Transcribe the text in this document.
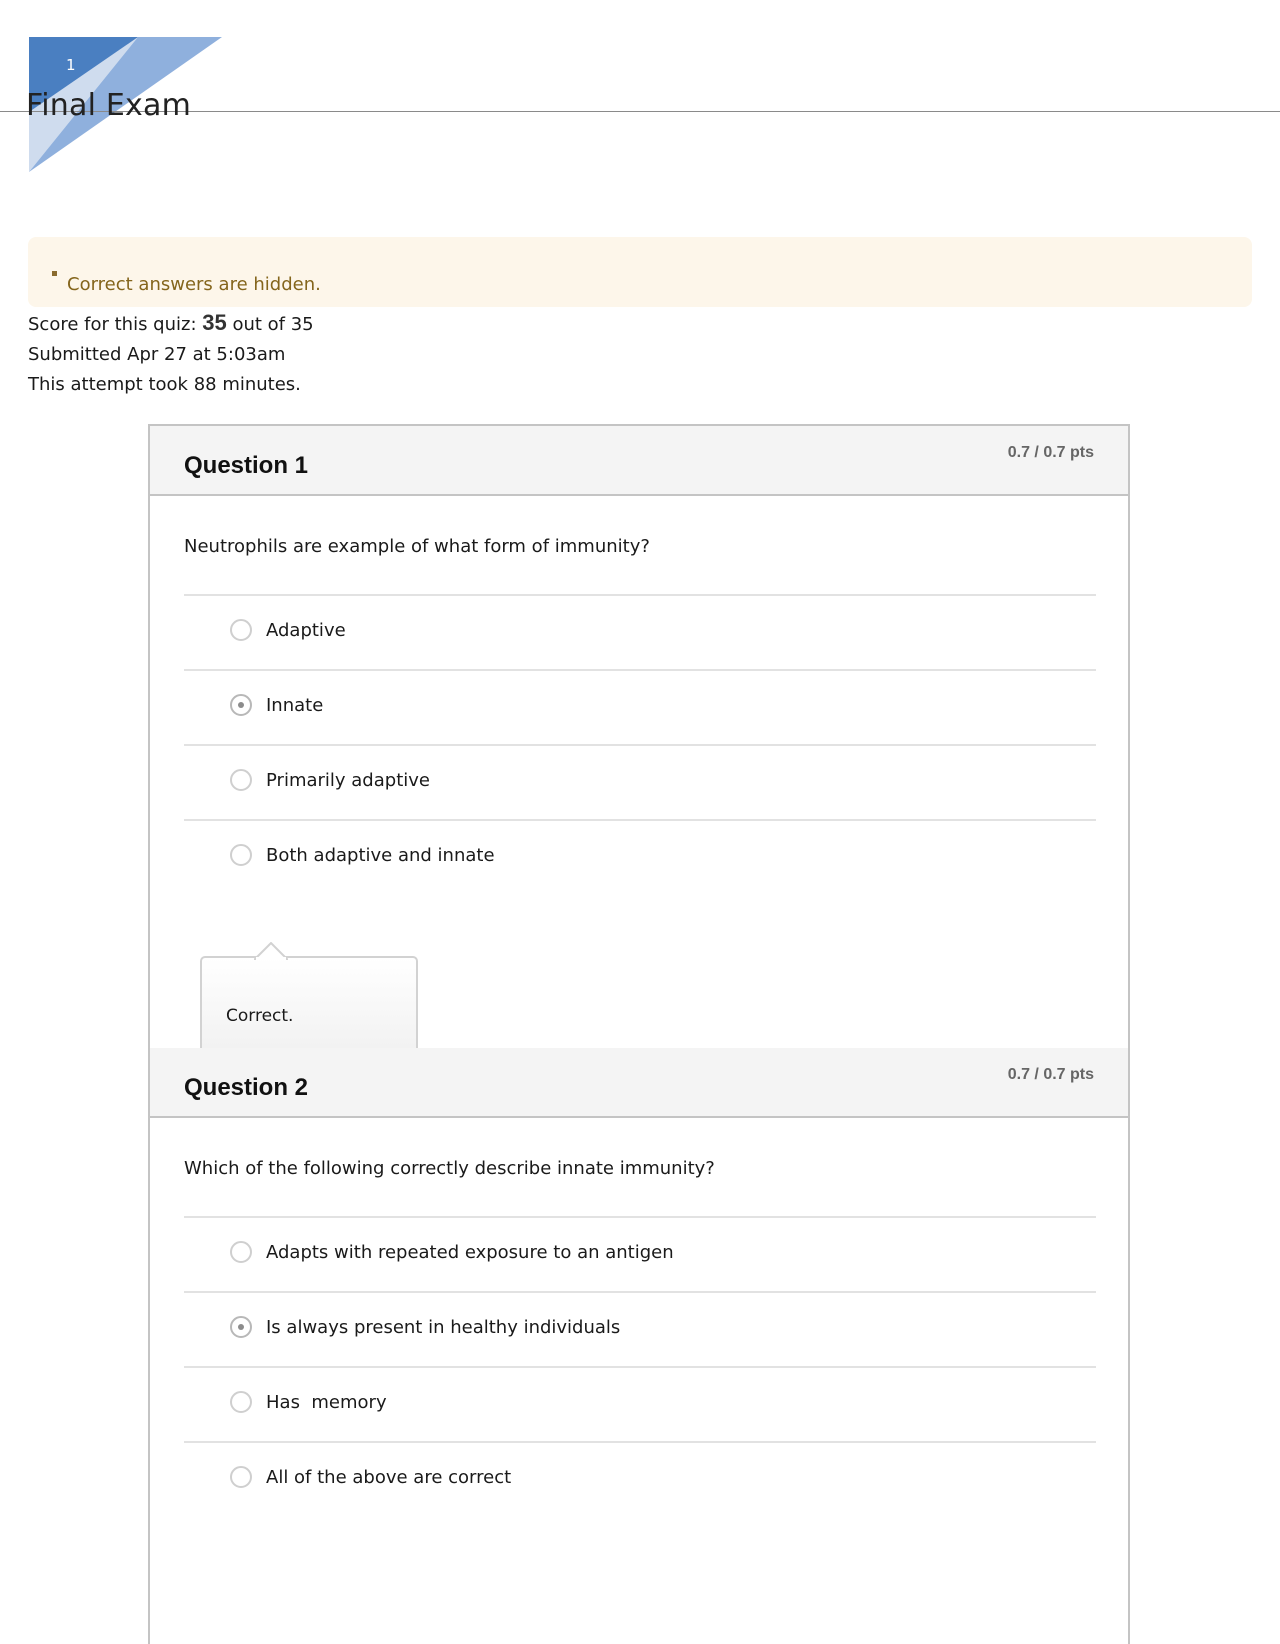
1
Final Exam
Correct answers are hidden.
Score for this quiz: 35 out of 35
Submitted Apr 27 at 5:03am
This attempt took 88 minutes.
Question 1	0.7 / 0.7 pts
Neutrophils are example of what form of immunity?
Adaptive
Innate
Primarily adaptive
Both adaptive and innate
Correct.
Question 2	0.7 / 0.7 pts
Which of the following correctly describe innate immunity?
Adapts with repeated exposure to an antigen
Is always present in healthy individuals
Has  memory
All of the above are correct
